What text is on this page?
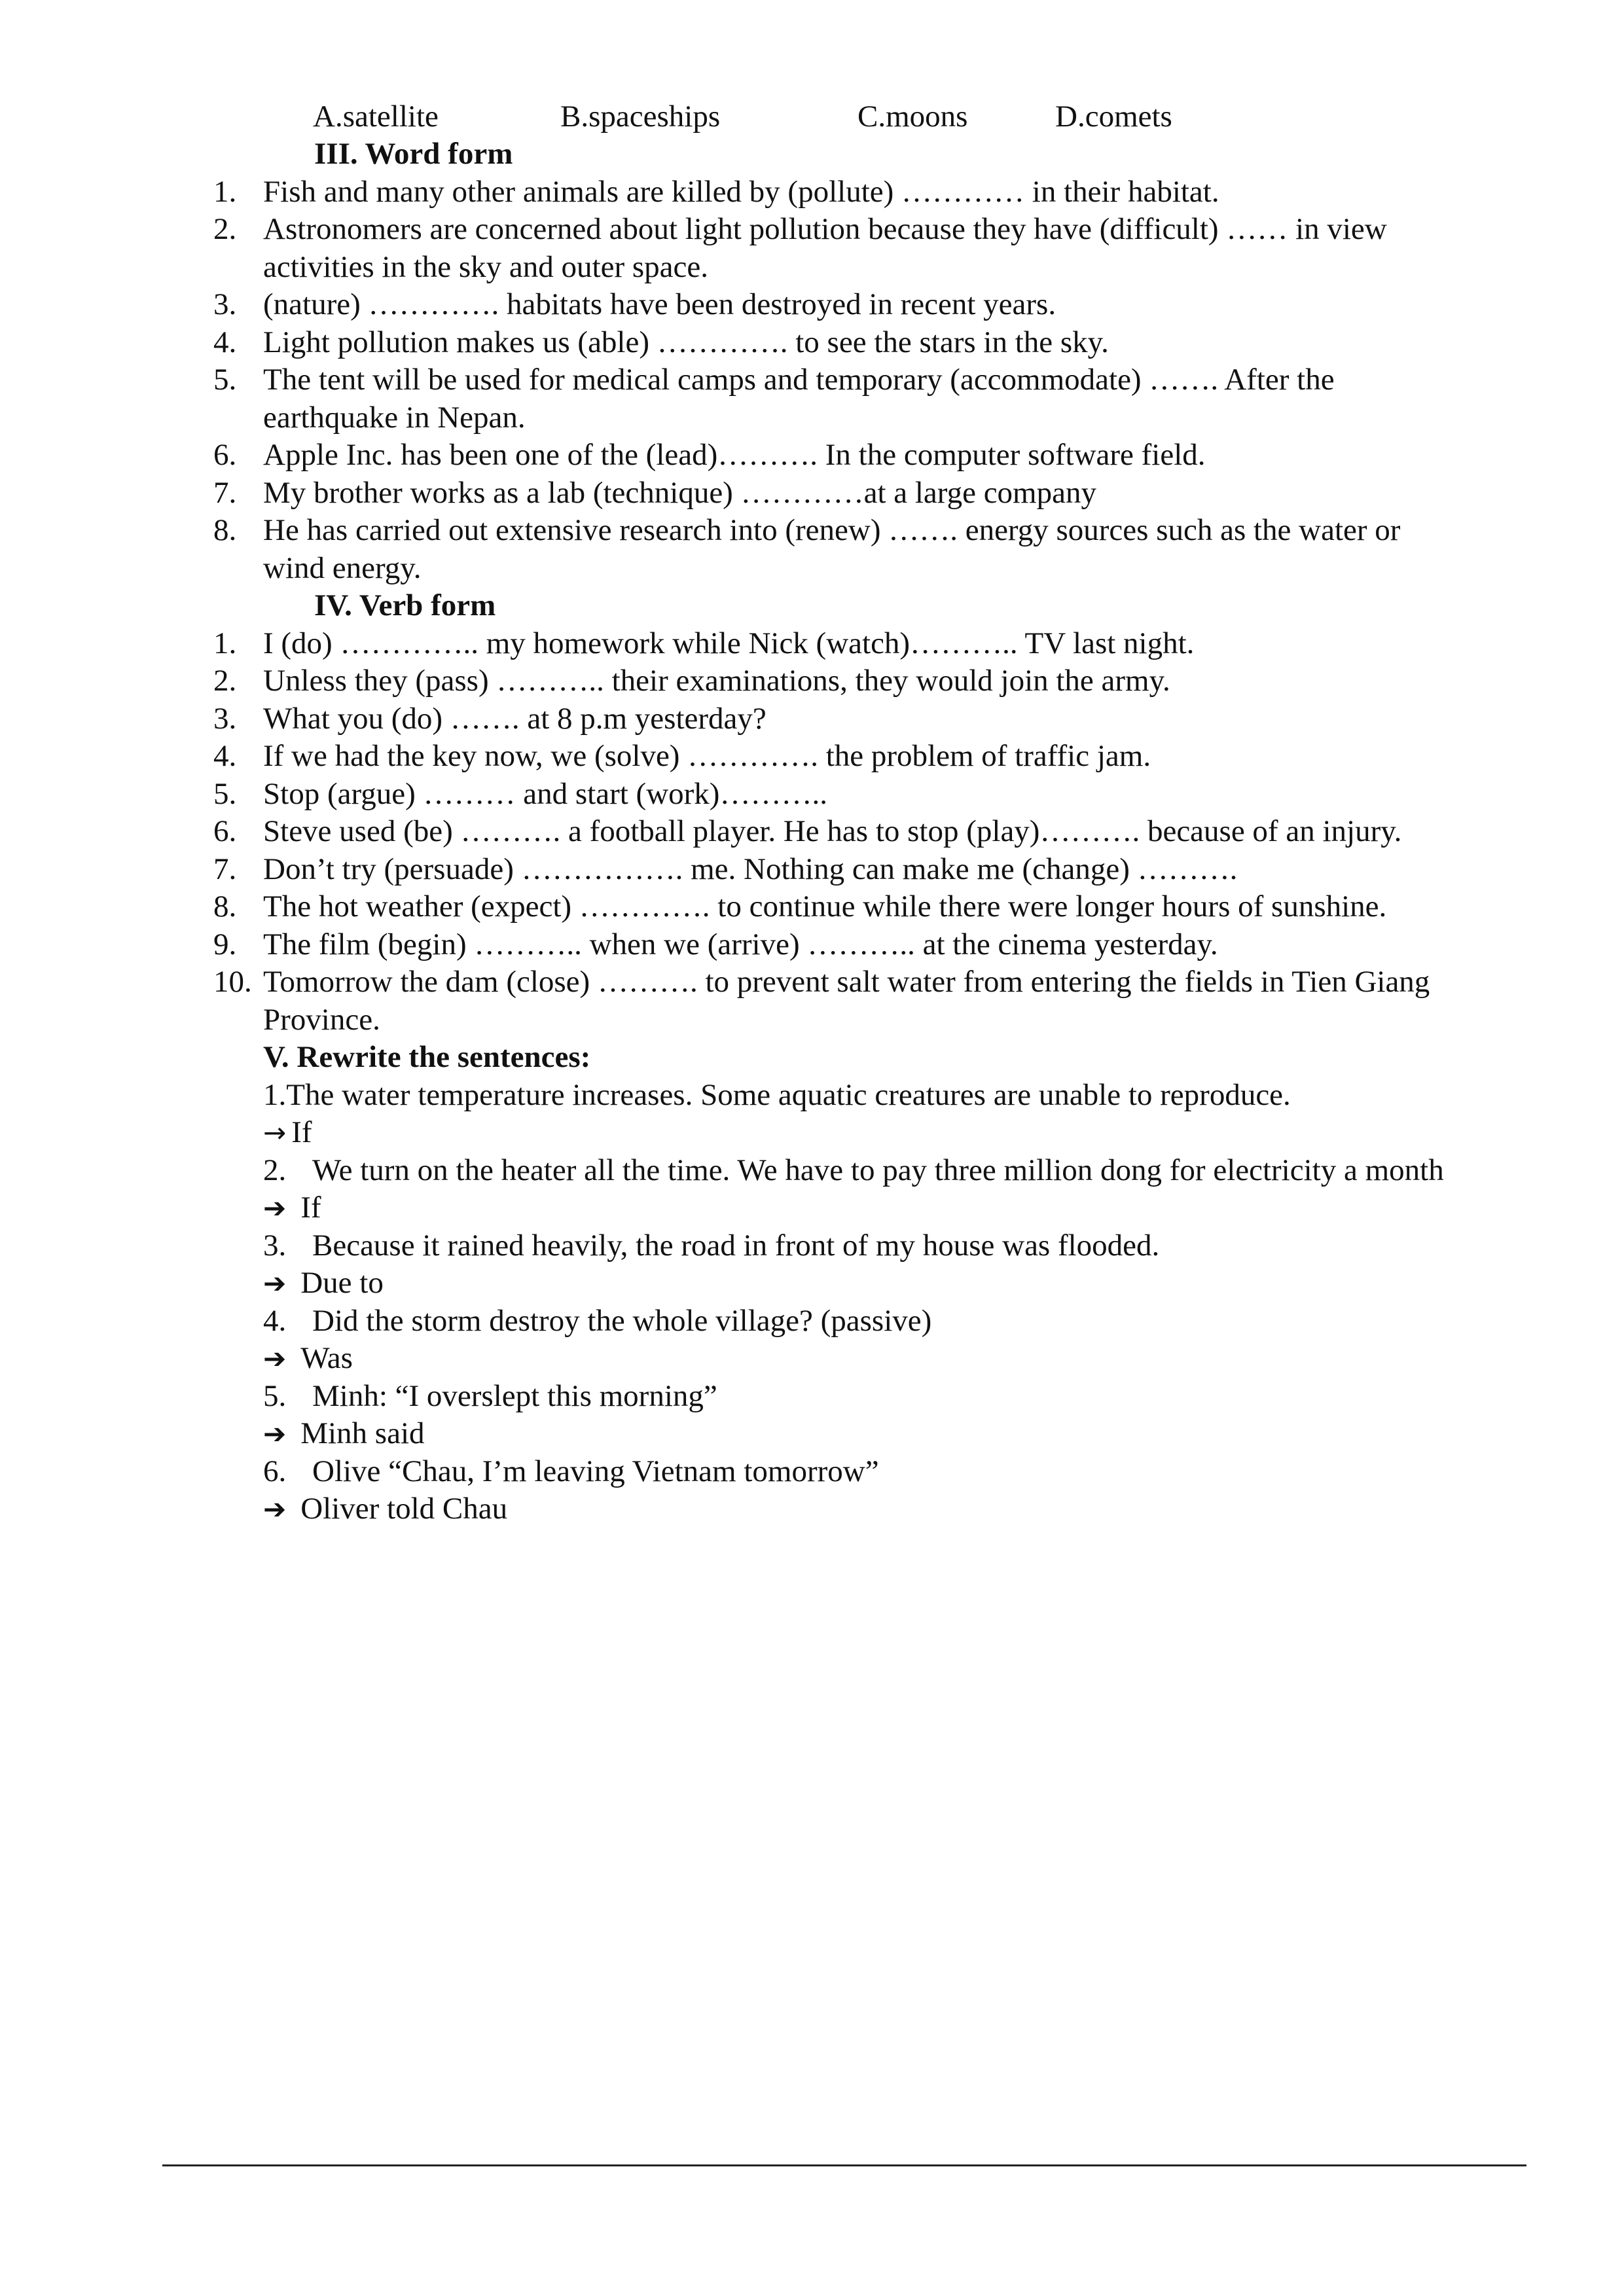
A.satellite	B.spaceships	C.moons	D.comets
III. Word form
1. Fish and many other animals are killed by (pollute) ………… in their habitat.
2. Astronomers are concerned about light pollution because they have (difficult) …… in view
activities in the sky and outer space.
3. (nature) …………. habitats have been destroyed in recent years.
4. Light pollution makes us (able) …………. to see the stars in the sky.
5. The tent will be used for medical camps and temporary (accommodate) ……. After the
earthquake in Nepan.
6. Apple Inc. has been one of the (lead)………. In the computer software field.
7. My brother works as a lab (technique) …………at a large company
8. He has carried out extensive research into (renew) ……. energy sources such as the water or
wind energy.
IV. Verb form
1. I (do) ………….. my homework while Nick (watch)……….. TV last night.
2. Unless they (pass) ……….. their examinations, they would join the army.
3. What you (do) ……. at 8 p.m yesterday?
4. If we had the key now, we (solve) …………. the problem of traffic jam.
5. Stop (argue) ……… and start (work)………..
6. Steve used (be) ………. a football player. He has to stop (play)………. because of an injury.
7. Don’t try (persuade) ……………. me. Nothing can make me (change) ……….
8. The hot weather (expect) …………. to continue while there were longer hours of sunshine.
9. The film (begin) ……….. when we (arrive) ……….. at the cinema yesterday.
10. Tomorrow the dam (close) ………. to prevent salt water from entering the fields in Tien Giang
Province.
V. Rewrite the sentences:
1.The water temperature increases. Some aquatic creatures are unable to reproduce.
→ If
2. We turn on the heater all the time. We have to pay three million dong for electricity a month
➔ If
3. Because it rained heavily, the road in front of my house was flooded.
➔ Due to
4. Did the storm destroy the whole village? (passive)
➔ Was
5. Minh: “I overslept this morning”
➔ Minh said
6. Olive “Chau, I’m leaving Vietnam tomorrow”
➔ Oliver told Chau
